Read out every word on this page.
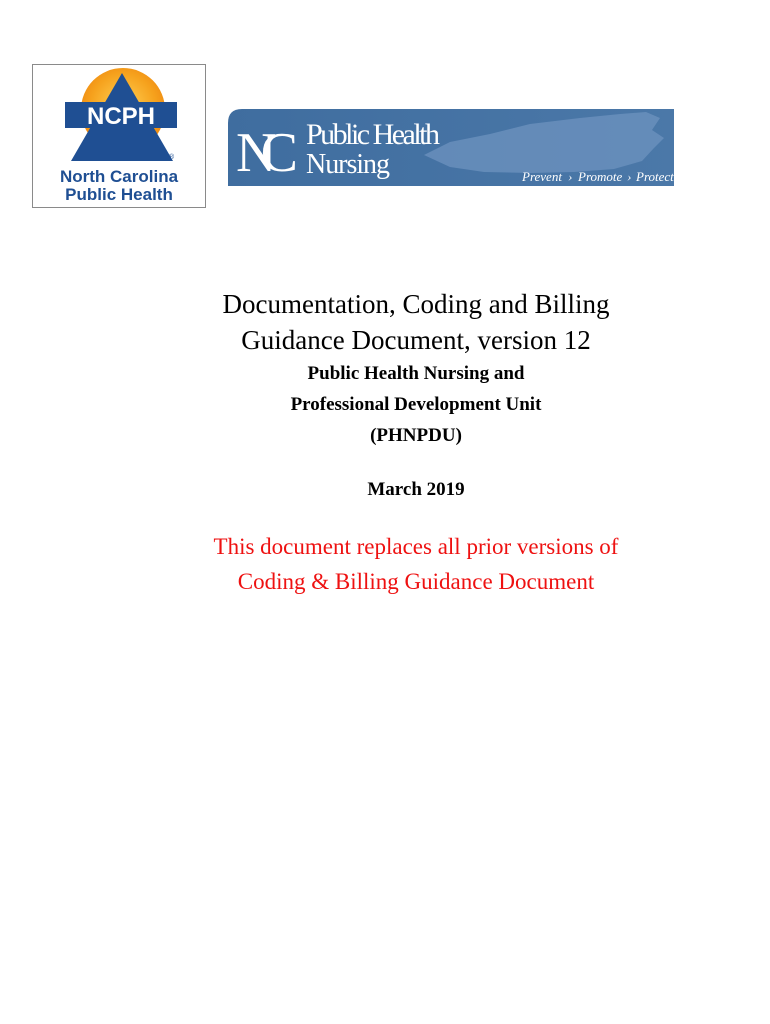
NCPH
®
North Carolina
Public Health
NC Public Health
Nursing	Prevent › Promote › Protect
Documentation, Coding and Billing
Guidance Document, version 12

Public Health Nursing and
Professional Development Unit
(PHNPDU)

March 2019

This document replaces all prior versions of
Coding & Billing Guidance Document
